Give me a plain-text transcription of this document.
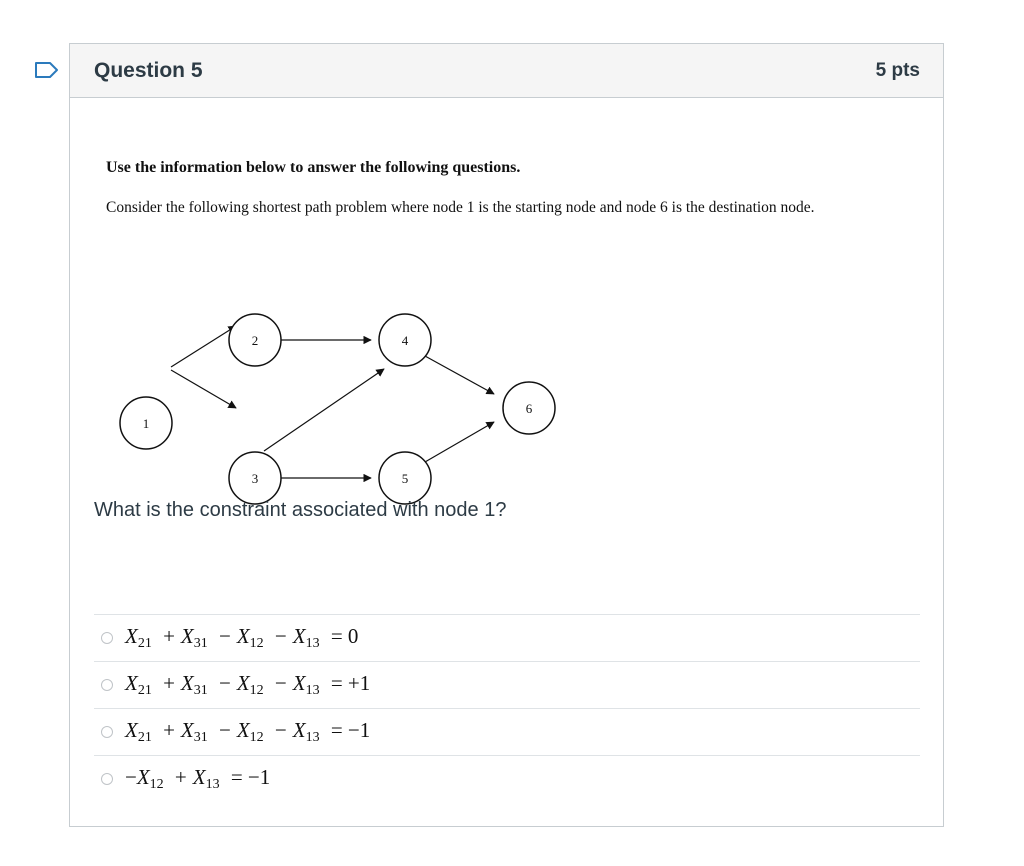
Question 5	5 pts

Use the information below to answer the following questions.

Consider the following shortest path problem where node 1 is the starting node and node 6 is the destination node.

1
2
3
4
5
6
What is the constraint associated with node 1?
$X_{21} + X_{31} - X_{12} - X_{13} = 0$
$X_{21} + X_{31} - X_{12} - X_{13} = +1$
$X_{21} + X_{31} - X_{12} - X_{13} = -1$
$-X_{12} + X_{13} = -1$
